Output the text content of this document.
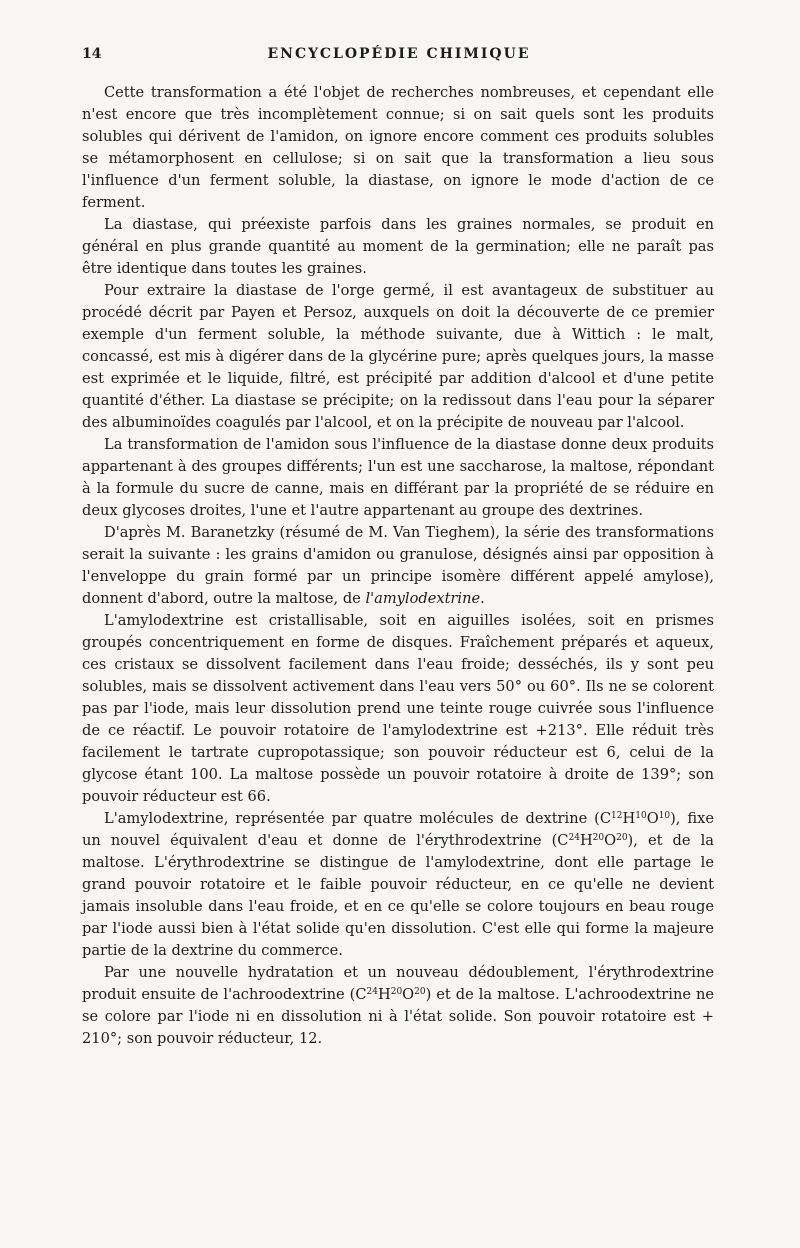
14	ENCYCLOPÉDIE CHIMIQUE

Cette transformation a été l'objet de recherches nombreuses, et cependant elle n'est encore que très incomplètement connue; si on sait quels sont les produits solubles qui dérivent de l'amidon, on ignore encore comment ces produits solubles se métamorphosent en cellulose; si on sait que la transformation a lieu sous l'influence d'un ferment soluble, la diastase, on ignore le mode d'action de ce ferment.

La diastase, qui préexiste parfois dans les graines normales, se produit en général en plus grande quantité au moment de la germination; elle ne paraît pas être identique dans toutes les graines.

Pour extraire la diastase de l'orge germé, il est avantageux de substituer au procédé décrit par Payen et Persoz, auxquels on doit la découverte de ce premier exemple d'un ferment soluble, la méthode suivante, due à Wittich : le malt, concassé, est mis à digérer dans de la glycérine pure; après quelques jours, la masse est exprimée et le liquide, filtré, est précipité par addition d'alcool et d'une petite quantité d'éther. La diastase se précipite; on la redissout dans l'eau pour la séparer des albuminoïdes coagulés par l'alcool, et on la précipite de nouveau par l'alcool.

La transformation de l'amidon sous l'influence de la diastase donne deux produits appartenant à des groupes différents; l'un est une saccharose, la maltose, répondant à la formule du sucre de canne, mais en différant par la propriété de se réduire en deux glycoses droites, l'une et l'autre appartenant au groupe des dextrines.

D'après M. Baranetzky (résumé de M. Van Tieghem), la série des transformations serait la suivante : les grains d'amidon ou granulose, désignés ainsi par opposition à l'enveloppe du grain formé par un principe isomère différent appelé amylose), donnent d'abord, outre la maltose, de l'amylodextrine.

L'amylodextrine est cristallisable, soit en aiguilles isolées, soit en prismes groupés concentriquement en forme de disques. Fraîchement préparés et aqueux, ces cristaux se dissolvent facilement dans l'eau froide; desséchés, ils y sont peu solubles, mais se dissolvent activement dans l'eau vers 50° ou 60°. Ils ne se colorent pas par l'iode, mais leur dissolution prend une teinte rouge cuivrée sous l'influence de ce réactif. Le pouvoir rotatoire de l'amylodextrine est +213°. Elle réduit très facilement le tartrate cupropotassique; son pouvoir réducteur est 6, celui de la glycose étant 100. La maltose possède un pouvoir rotatoire à droite de 139°; son pouvoir réducteur est 66.

L'amylodextrine, représentée par quatre molécules de dextrine $(C^{12}H^{10}O^{10})$, fixe un nouvel équivalent d'eau et donne de l'érythrodextrine $(C^{24}H^{20}O^{20})$, et de la maltose. L'érythrodextrine se distingue de l'amylodextrine, dont elle partage le grand pouvoir rotatoire et le faible pouvoir réducteur, en ce qu'elle ne devient jamais insoluble dans l'eau froide, et en ce qu'elle se colore toujours en beau rouge par l'iode aussi bien à l'état solide qu'en dissolution. C'est elle qui forme la majeure partie de la dextrine du commerce.

Par une nouvelle hydratation et un nouveau dédoublement, l'érythrodextrine produit ensuite de l'achroodextrine $(C^{24}H^{20}O^{20})$ et de la maltose. L'achroodextrine ne se colore par l'iode ni en dissolution ni à l'état solide. Son pouvoir rotatoire est + 210°; son pouvoir réducteur, 12.
